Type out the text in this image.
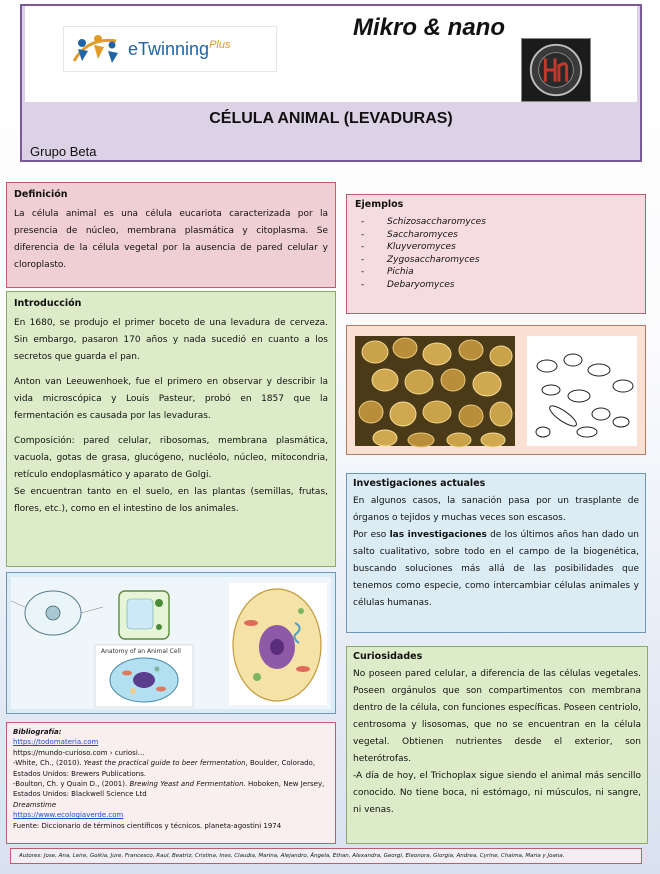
eTwinning$^{Plus}$
Mikro & nano
CÉLULA ANIMAL (LEVADURAS)
Grupo Beta
Definición
La célula animal es una célula eucariota caracterizada por la presencia de núcleo, membrana plasmática y citoplasma. Se diferencia de la célula vegetal por la ausencia de pared celular y cloroplasto.
Introducción

En 1680, se produjo el primer boceto de una levadura de cerveza. Sin embargo, pasaron 170 años y nada sucedió en cuanto a los secretos que guarda el pan.

Anton van Leeuwenhoek, fue el primero en observar y describir la vida microscópica y Louis Pasteur, probó en 1857 que la fermentación es causada por las levaduras.

Composición: pared celular, ribosomas, membrana plasmática, vacuola, gotas de grasa, glucógeno, nucléolo, núcleo, mitocondria, retículo endoplasmático y aparato de Golgi.

Se encuentran tanto en el suelo, en las plantas (semillas, frutas, flores, etc.), como en el intestino de los animales.

Anatomy of an Animal Cell
Bibliografía:
https://todomateria.com
https://mundo-curioso.com › curiosi...
-White, Ch., (2010). Yeast the practical guide to beer fermentation, Boulder, Colorado, Estados Unidos: Brewers Publications.
-Boulton, Ch. y Quain D., (2001). Brewing Yeast and Fermentation. Hoboken, New Jersey, Estados Unidos: Blackwell Science Ltd
Dreamstime
https://www.ecologiaverde.com
Fuente: Diccionario de términos científicos y técnicos. planeta-agostini 1974
Ejemplos
-	Schizosaccharomyces
-	Saccharomyces
-	Kluyveromyces
-	Zygosaccharomyces
-	Pichia
-	Debaryomyces
Investigaciones actuales
En algunos casos, la sanación pasa por un trasplante de órganos o tejidos y muchas veces son escasos.
Por eso las investigaciones de los últimos años han dado un salto cualitativo, sobre todo en el campo de la biogenética, buscando soluciones más allá de las posibilidades que tenemos como especie, como intercambiar células animales y células humanas.
Curiosidades
No poseen pared celular, a diferencia de las células vegetales. Poseen orgánulos que son compartimentos con membrana dentro de la célula, con funciones específicas. Poseen centriolo, centrosoma y lisosomas, que no se encuentran en la célula vegetal. Obtienen nutrientes desde el exterior, son heterótrofas.
-A día de hoy, el Trichoplax sigue siendo el animal más sencillo conocido. No tiene boca, ni estómago, ni músculos, ni sangre, ni venas.
Autores: Jose, Ana, Leire, Goikia, Jure, Francesco, Raul, Beatriz, Cristina, Ines, Claudia, Marina, Alejandro, Ángela, Ethan, Alexandra, Georgi, Eleonora, Giorgia, Andrea, Cyrine, Chaima, Maria y Joana.
